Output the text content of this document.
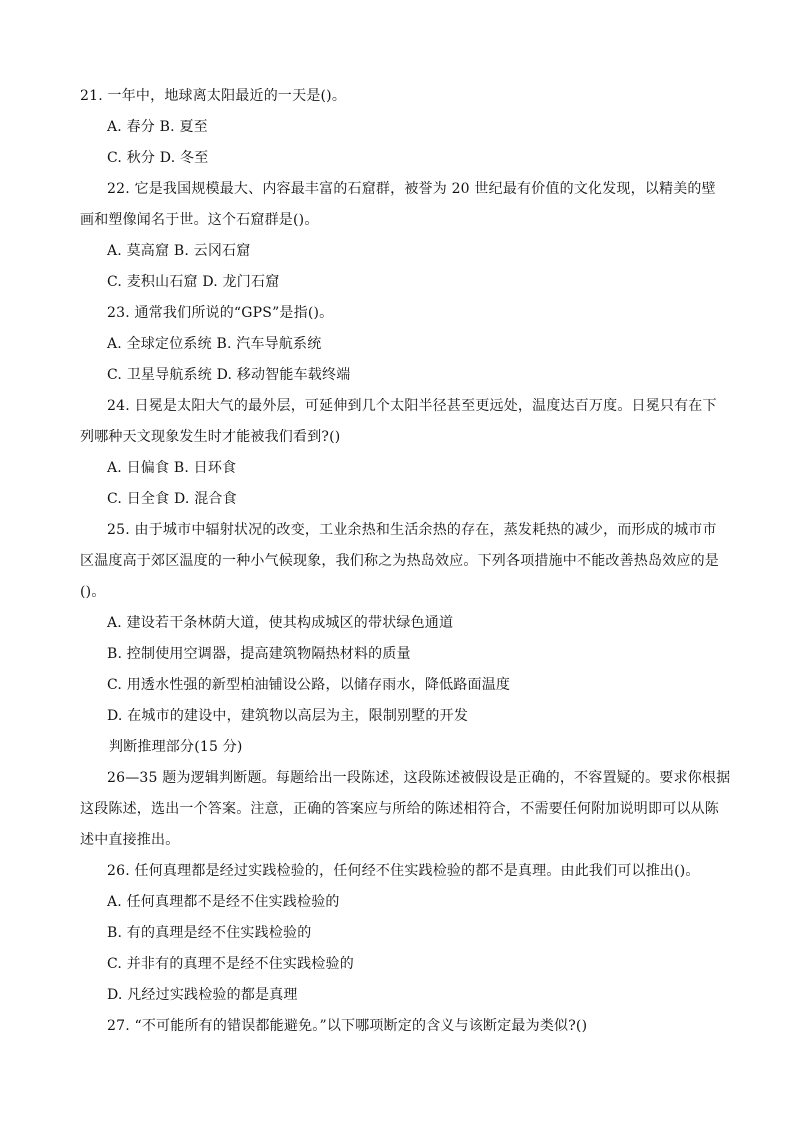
21. 一年中，地球离太阳最近的一天是()。
A. 春分 B. 夏至
C. 秋分 D. 冬至
22. 它是我国规模最大、内容最丰富的石窟群，被誉为 20 世纪最有价值的文化发现，以精美的壁
画和塑像闻名于世。这个石窟群是()。
A. 莫高窟 B. 云冈石窟
C. 麦积山石窟 D. 龙门石窟
23. 通常我们所说的“GPS”是指()。
A. 全球定位系统 B. 汽车导航系统
C. 卫星导航系统 D. 移动智能车载终端
24. 日冕是太阳大气的最外层，可延伸到几个太阳半径甚至更远处，温度达百万度。日冕只有在下
列哪种天文现象发生时才能被我们看到?()
A. 日偏食 B. 日环食
C. 日全食 D. 混合食
25. 由于城市中辐射状况的改变，工业余热和生活余热的存在，蒸发耗热的减少，而形成的城市市
区温度高于郊区温度的一种小气候现象，我们称之为热岛效应。下列各项措施中不能改善热岛效应的是
()。
A. 建设若干条林荫大道，使其构成城区的带状绿色通道
B. 控制使用空调器，提高建筑物隔热材料的质量
C. 用透水性强的新型柏油铺设公路，以储存雨水，降低路面温度
D. 在城市的建设中，建筑物以高层为主，限制别墅的开发
判断推理部分(15 分)
26—35 题为逻辑判断题。每题给出一段陈述，这段陈述被假设是正确的，不容置疑的。要求你根据
这段陈述，选出一个答案。注意，正确的答案应与所给的陈述相符合，不需要任何附加说明即可以从陈
述中直接推出。
26. 任何真理都是经过实践检验的，任何经不住实践检验的都不是真理。由此我们可以推出()。
A. 任何真理都不是经不住实践检验的
B. 有的真理是经不住实践检验的
C. 并非有的真理不是经不住实践检验的
D. 凡经过实践检验的都是真理
27. “不可能所有的错误都能避免。”以下哪项断定的含义与该断定最为类似?()
